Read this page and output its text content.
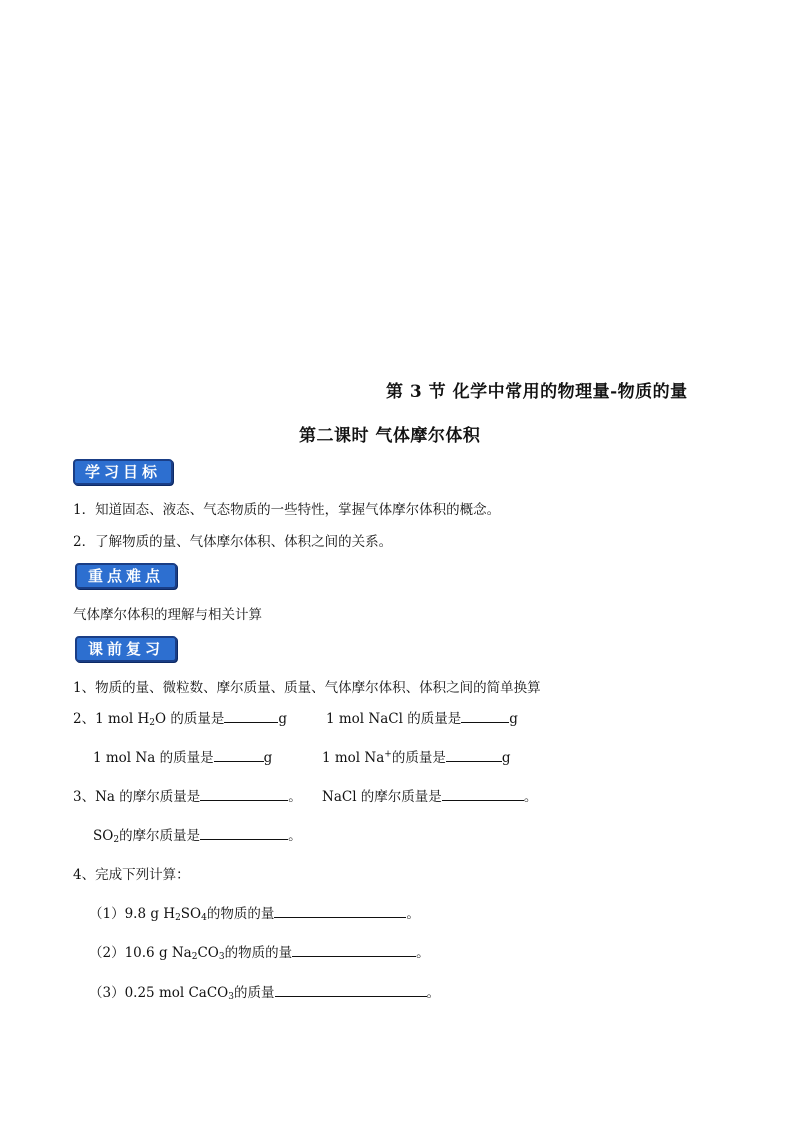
第 3 节 化学中常用的物理量-物质的量
第二课时 气体摩尔体积
学习目标
1．知道固态、液态、气态物质的一些特性，掌握气体摩尔体积的概念。
2．了解物质的量、气体摩尔体积、体积之间的关系。
重点难点
气体摩尔体积的理解与相关计算
课前复习
1、物质的量、微粒数、摩尔质量、质量、气体摩尔体积、体积之间的简单换算
2、1 mol $H_2O$ 的质量是	g	1 mol NaCl 的质量是	g
1 mol Na 的质量是	g	1 mol Na+的质量是	g
3、Na 的摩尔质量是	。 NaCl 的摩尔质量是	。
$SO_2$的摩尔质量是	。
4、完成下列计算：
（1）9.8 g $H_2SO_4$的物质的量	。
（2）10.6 g $Na_2CO_3$的物质的量	。
（3）0.25 mol CaCO$_3$的质量	。
